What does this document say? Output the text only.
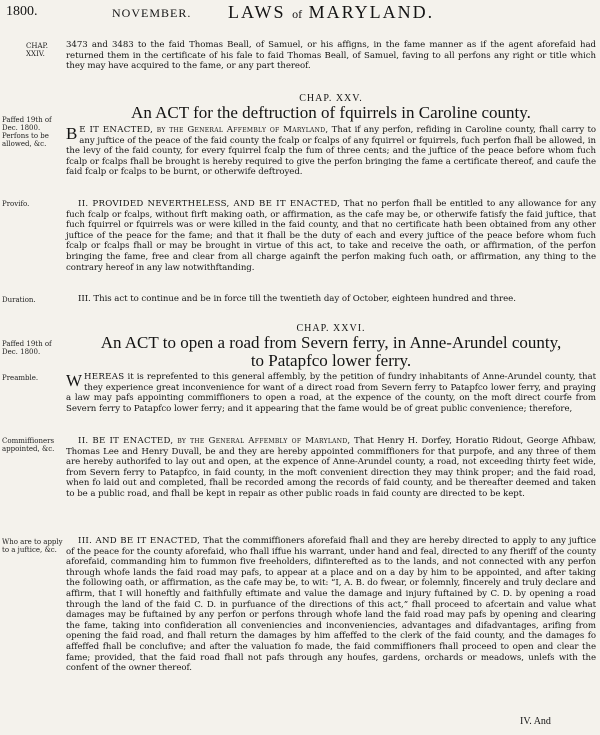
1800.	NOVEMBER. LAWS of MARYLAND.
CHAP.
XXIV.

3473 and 3483 to the faid Thomas Beall, of Samuel, or his affigns, in the fame manner as if the agent aforefaid had returned them in the certificate of his fale to faid Thomas Beall, of Samuel, faving to all perfons any right or title which they may have acquired to the fame, or any part thereof.

CHAP. XXV.
An ACT for the deftruction of fquirrels in Caroline county.
Paffed 19th of Dec. 1800. Perfons to be allowed, &c.
B E IT ENACTED, by the General Affembly of Maryland, That if any perfon, refiding in Caroline county, fhall carry to any juftice of the peace of the faid county the fcalp or fcalps of any fquirrel or fquirrels, fuch perfon fhall be allowed, in the levy of the faid county, for every fquirrel fcalp the fum of three cents; and the juftice of the peace before whom fuch fcalp or fcalps fhall be brought is hereby required to give the perfon bringing the fame a certificate thereof, and caufe the faid fcalp or fcalps to be burnt, or otherwife deftroyed.
Provifo.	II. PROVIDED NEVERTHELESS, AND BE IT ENACTED, That no perfon fhall be entitled to any allowance for any fuch fcalp or fcalps, without firft making oath, or affirmation, as the cafe may be, or otherwife fatisfy the faid juftice, that fuch fquirrel or fquirrels was or were killed in the faid county, and that no certificate hath been obtained from any other juftice of the peace for the fame; and that it fhall be the duty of each and every juftice of the peace before whom fuch fcalp or fcalps fhall or may be brought in virtue of this act, to take and receive the oath, or affirmation, of the perfon bringing the fame, free and clear from all charge againft the perfon making fuch oath, or affirmation, any thing to the contrary hereof in any law notwithftanding.

Duration.	III. This act to continue and be in force till the twentieth day of October, eighteen hundred and three.

CHAP. XXVI.
An ACT to open a road from Severn ferry, in Anne-Arundel county,
to Patapfco lower ferry.
Paffed 19th of Dec. 1800.
Preamble.	W HEREAS it is reprefented to this general affembly, by the petition of fundry inhabitants of Anne-Arundel county, that they experience great inconvenience for want of a direct road from Severn ferry to Patapfco lower ferry, and praying a law may pafs appointing commiffioners to open a road, at the expence of the county, on the moft direct courfe from Severn ferry to Patapfco lower ferry; and it appearing that the fame would be of great public convenience; therefore,
Commiffioners appointed, &c.

II. BE IT ENACTED, by the General Affembly of Maryland, That Henry H. Dorfey, Horatio Ridout, George Afhbaw, Thomas Lee and Henry Duvall, be and they are hereby appointed commiffioners for that purpofe, and any three of them are hereby authorifed to lay out and open, at the expence of Anne-Arundel county, a road, not exceeding thirty feet wide, from Severn ferry to Patapfco, in faid county, in the moft convenient direction they may think proper; and the faid road, when fo laid out and completed, fhall be recorded among the records of faid county, and be thereafter deemed and taken to be a public road, and fhall be kept in repair as other public roads in faid county are directed to be kept.

Who are to apply to a juftice, &c.

III. AND BE IT ENACTED, That the commiffioners aforefaid fhall and they are hereby directed to apply to any juftice of the peace for the county aforefaid, who fhall iffue his warrant, under hand and feal, directed to any fheriff of the county aforefaid, commanding him to fummon five freeholders, difinterefted as to the lands, and not connected with any perfon through whofe lands the faid road may pafs, to appear at a place and on a day by him to be appointed, and after taking the following oath, or affirmation, as the cafe may be, to wit: “I, A. B. do fwear, or folemnly, fincerely and truly declare and affirm, that I will honeftly and faithfully eftimate and value the damage and injury fuftained by C. D. by opening a road through the land of the faid C. D. in purfuance of the directions of this act,” fhall proceed to afcertain and value what damages may be fuftained by any perfon or perfons through whofe land the faid road may pafs by opening and clearing the fame, taking into confideration all conveniencies and inconveniencies, advantages and difadvantages, arifing from opening the faid road, and fhall return the damages by him affeffed to the clerk of the faid county, and the damages fo affeffed fhall be conclufive; and after the valuation fo made, the faid commiffioners fhall proceed to open and clear the fame; provided, that the faid road fhall not pafs through any houfes, gardens, orchards or meadows, unlefs with the confent of the owner thereof.

IV. And
